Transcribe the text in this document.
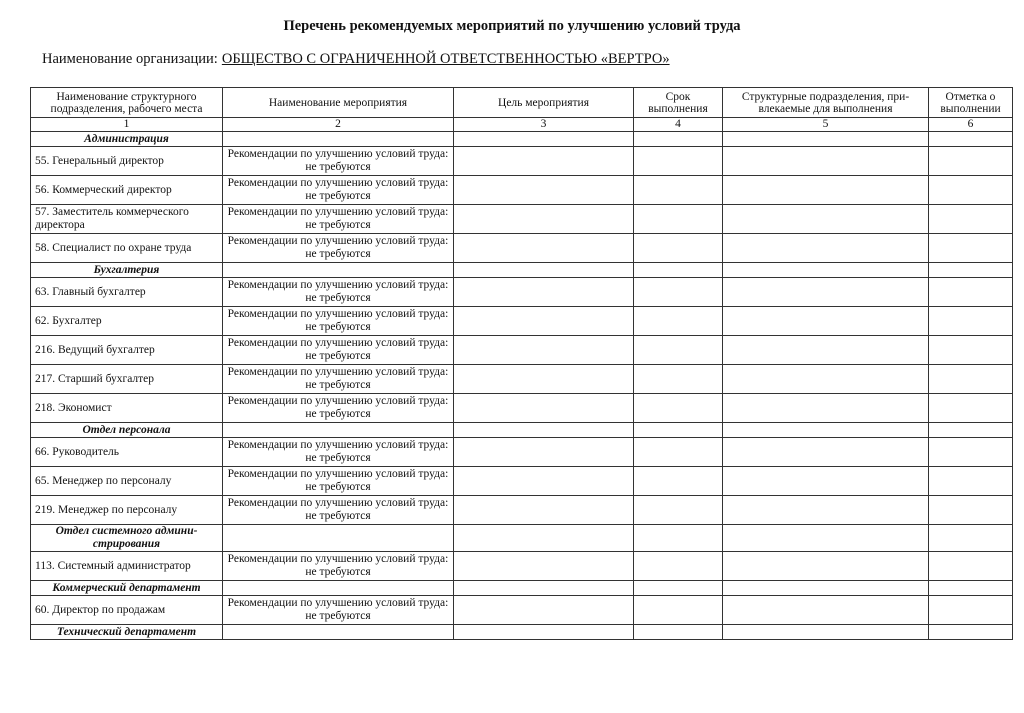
Перечень рекомендуемых мероприятий по улучшению условий труда
Наименование организации: ОБЩЕСТВО С ОГРАНИЧЕННОЙ ОТВЕТСТВЕННОСТЬЮ «ВЕРТРО»
Наименование структурного подразделения, рабочего места	Наименование мероприятия	Цель мероприятия	Срок выполнения	Структурные подразделения, при-влекаемые для выполнения	Отметка о выполнении
1	2	3	4	5	6
Администрация					
55. Генеральный директор	Рекомендации по улучшению условий труда: не требуются				
56. Коммерческий директор	Рекомендации по улучшению условий труда: не требуются				
57. Заместитель коммерческого директора	Рекомендации по улучшению условий труда: не требуются				
58. Специалист по охране труда	Рекомендации по улучшению условий труда: не требуются				
Бухгалтерия					
63. Главный бухгалтер	Рекомендации по улучшению условий труда: не требуются				
62. Бухгалтер	Рекомендации по улучшению условий труда: не требуются				
216. Ведущий бухгалтер	Рекомендации по улучшению условий труда: не требуются				
217. Старший бухгалтер	Рекомендации по улучшению условий труда: не требуются				
218. Экономист	Рекомендации по улучшению условий труда: не требуются				
Отдел персонала					
66. Руководитель	Рекомендации по улучшению условий труда: не требуются				
65. Менеджер по персоналу	Рекомендации по улучшению условий труда: не требуются				
219. Менеджер по персоналу	Рекомендации по улучшению условий труда: не требуются				
Отдел системного админи-стрирования					
113. Системный администратор	Рекомендации по улучшению условий труда: не требуются				
Коммерческий департамент					
60. Директор по продажам	Рекомендации по улучшению условий труда: не требуются				
Технический департамент					
